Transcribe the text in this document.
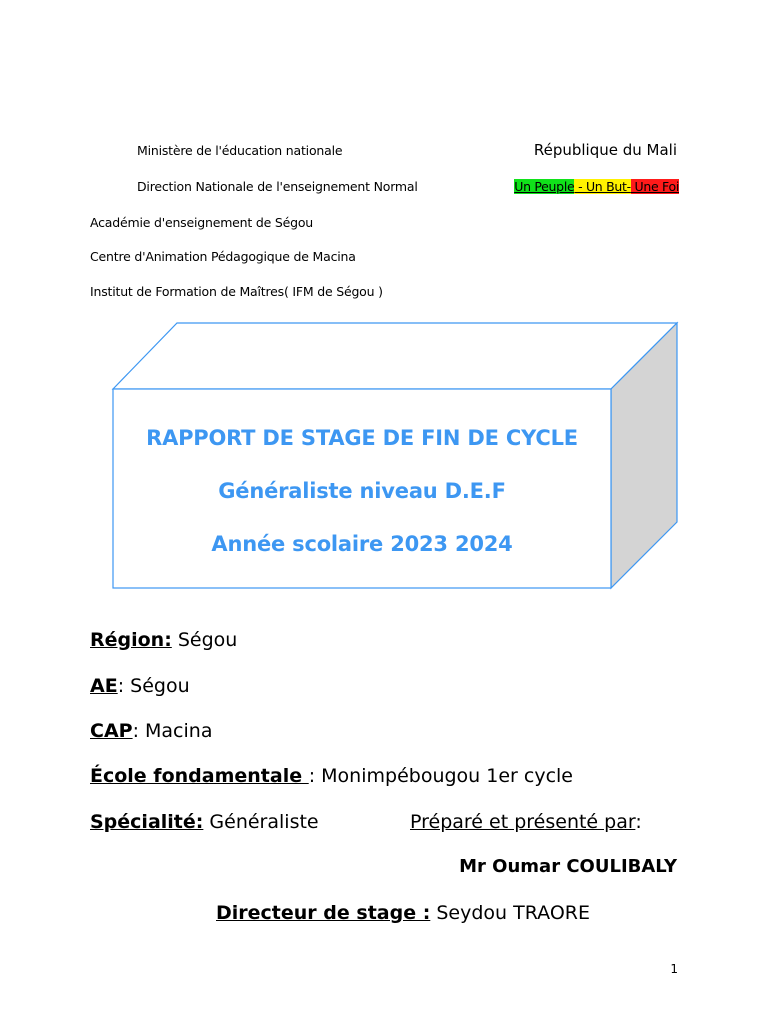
Ministère de l'éducation nationale
Direction Nationale de l'enseignement Normal
Académie d'enseignement de Ségou
Centre d'Animation Pédagogique de Macina
Institut de Formation de Maîtres( IFM de Ségou )
République du Mali
Un Peuple - Un But- Une Foi
RAPPORT DE STAGE DE FIN DE CYCLE
Généraliste niveau D.E.F
Année scolaire 2023 2024
Région: Ségou
AE: Ségou
CAP: Macina
École fondamentale : Monimpébougou 1er cycle
Spécialité: Généraliste	Préparé et présenté par:
Mr Oumar COULIBALY
Directeur de stage : Seydou TRAORE
1
